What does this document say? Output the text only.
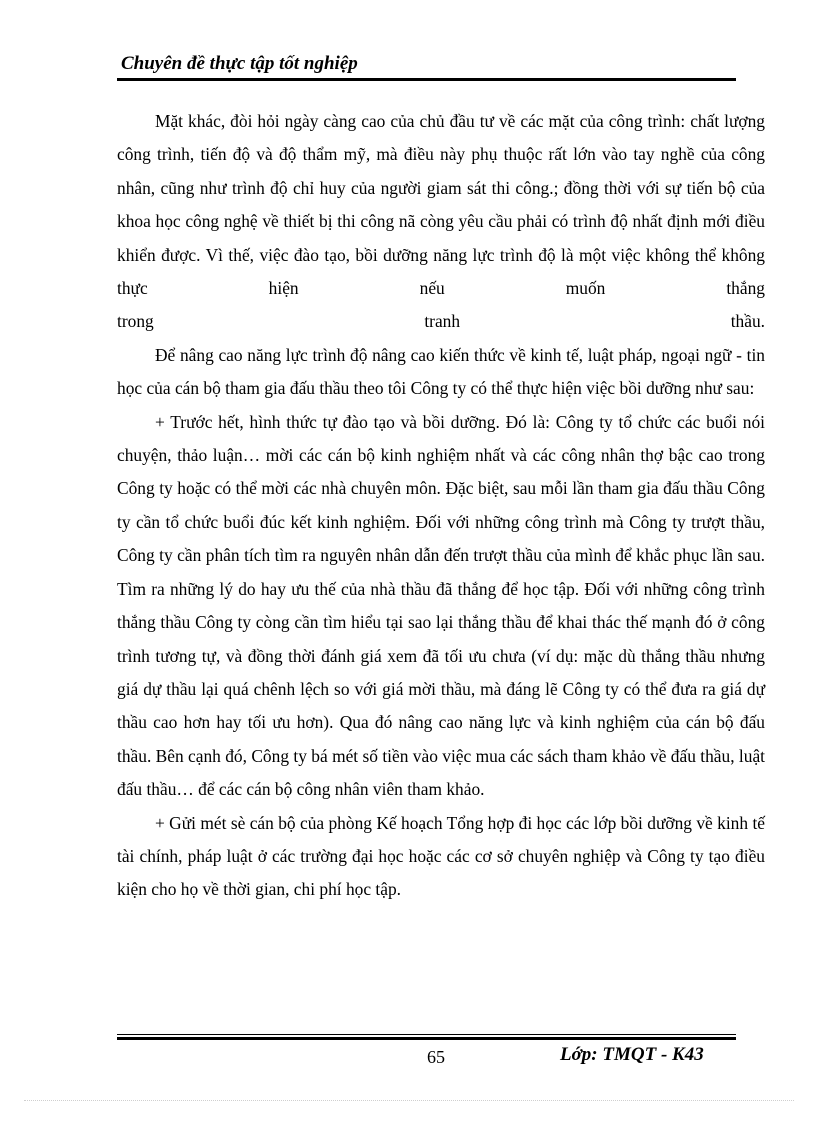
Chuyên đề thực tập tốt nghiệp

Mặt khác, đòi hỏi ngày càng cao của chủ đầu tư về các mặt của công trình: chất lượng công trình, tiến độ và độ thẩm mỹ, mà điều này phụ thuộc rất lớn vào tay nghề của công nhân, cũng như trình độ chỉ huy của người giam sát thi công.; đồng thời với sự tiến bộ của khoa học công nghệ về thiết bị thi công nã còng yêu cầu phải có trình độ nhất định mới điều khiển được. Vì thế, việc đào tạo, bồi dưỡng năng lực trình độ là một việc không thể không thực hiện nếu muốn thắng

trong	tranh	thầu.

Để nâng cao năng lực trình độ nâng cao kiến thức về kinh tế, luật pháp, ngoại ngữ - tin học của cán bộ tham gia đấu thầu theo tôi Công ty có thể thực hiện việc bồi dưỡng như sau:

+ Trước hết, hình thức tự đào tạo và bồi dưỡng. Đó là: Công ty tổ chức các buổi nói chuyện, thảo luận… mời các cán bộ kinh nghiệm nhất và các công nhân thợ bậc cao trong Công ty hoặc có thể mời các nhà chuyên môn. Đặc biệt, sau mỗi lần tham gia đấu thầu Công ty cần tổ chức buổi đúc kết kinh nghiệm. Đối với những công trình mà Công ty trượt thầu, Công ty cần phân tích tìm ra nguyên nhân dẫn đến trượt thầu của mình để khắc phục lần sau. Tìm ra những lý do hay ưu thế của nhà thầu đã thắng để học tập. Đối với những công trình thắng thầu Công ty còng cần tìm hiểu tại sao lại thắng thầu để khai thác thế mạnh đó ở công trình tương tự, và đồng thời đánh giá xem đã tối ưu chưa (ví dụ: mặc dù thắng thầu nhưng giá dự thầu lại quá chênh lệch so với giá mời thầu, mà đáng lẽ Công ty có thể đưa ra giá dự thầu cao hơn hay tối ưu hơn). Qua đó nâng cao năng lực và kinh nghiệm của cán bộ đấu thầu. Bên cạnh đó, Công ty bá mét số tiền vào việc mua các sách tham khảo về đấu thầu, luật đấu thầu… để các cán bộ công nhân viên tham khảo.

+ Gửi mét sè cán bộ của phòng Kế hoạch Tổng hợp đi học các lớp bồi dưỡng về kinh tế tài chính, pháp luật ở các trường đại học hoặc các cơ sở chuyên nghiệp và Công ty tạo điều kiện cho họ về thời gian, chi phí học tập.

65	Lớp: TMQT - K43
